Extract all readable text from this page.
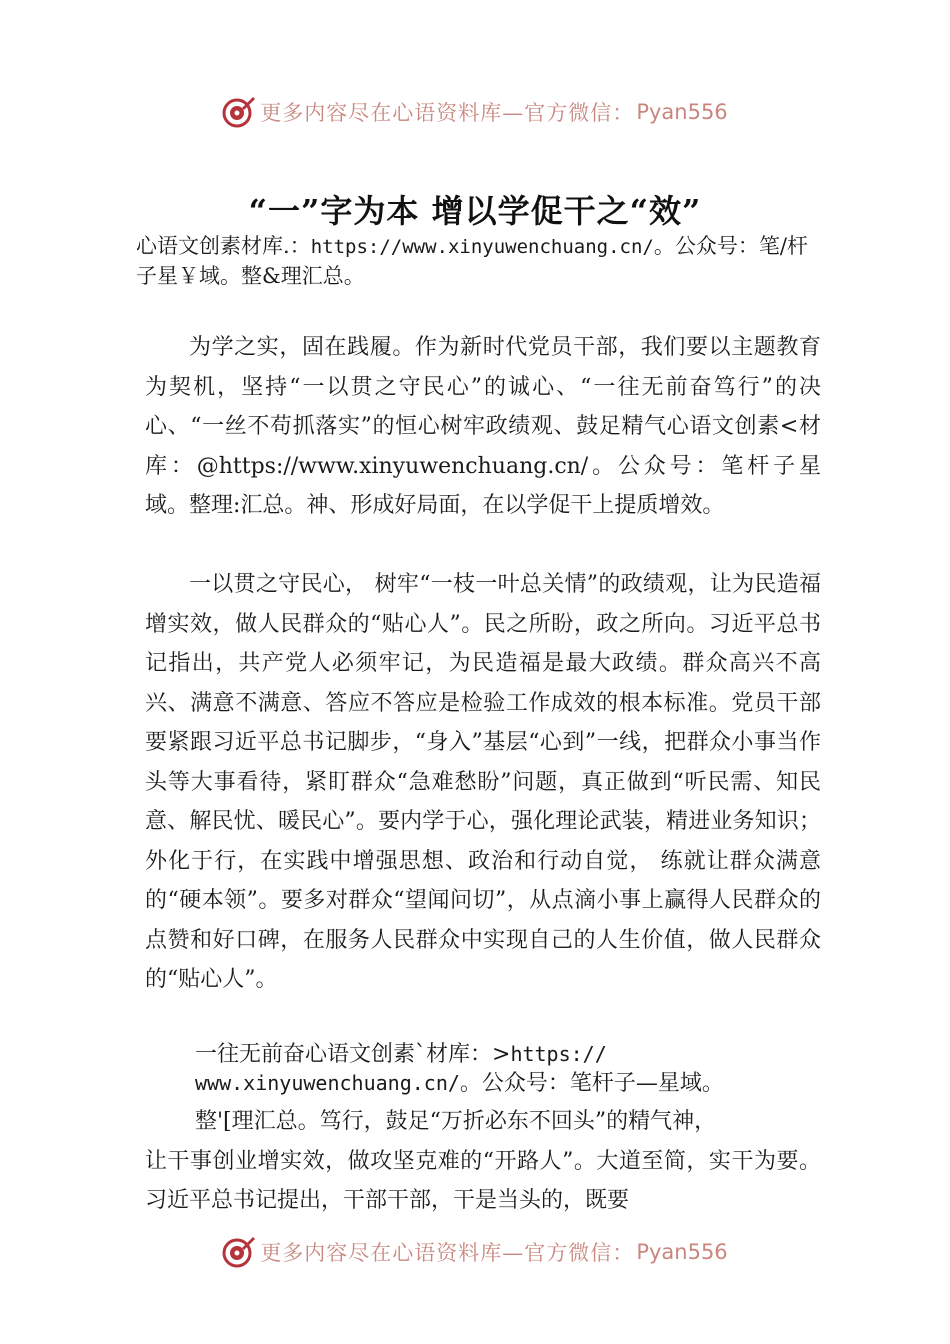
更多内容尽在心语资料库—官方微信： Pyan556
“一”字为本 增以学促干之“效”
心语文创素材库.：https://www.xinyuwenchuang.cn/。公众号：笔/杆子星￥域。整&理汇总。
为学之实，固在践履。作为新时代党员干部，我们要以主题教育为契机，坚持“一以贯之守民心”的诚心、“一往无前奋笃行”的决心、“一丝不苟抓落实”的恒心树牢政绩观、鼓足精气心语文创素<材库：@https://www.xinyuwenchuang.cn/。公众号：笔杆子星域。整理:汇总。神、形成好局面，在以学促干上提质增效。
一以贯之守民心， 树牢“一枝一叶总关情”的政绩观，让为民造福增实效，做人民群众的“贴心人”。民之所盼，政之所向。习近平总书记指出，共产党人必须牢记，为民造福是最大政绩。群众高兴不高兴、满意不满意、答应不答应是检验工作成效的根本标准。党员干部要紧跟习近平总书记脚步，“身入”基层“心到”一线，把群众小事当作头等大事看待，紧盯群众“急难愁盼”问题，真正做到“听民需、知民意、解民忧、暖民心”。要内学于心，强化理论武装，精进业务知识；外化于行，在实践中增强思想、政治和行动自觉， 练就让群众满意的“硬本领”。要多对群众“望闻问切”，从点滴小事上赢得人民群众的点赞和好口碑，在服务人民群众中实现自己的人生价值，做人民群众的“贴心人”。
一往无前奋心语文创素`材库：>https://
www.xinyuwenchuang.cn/。公众号：笔杆子—星域。
整'[理汇总。笃行，鼓足“万折必东不回头”的精气神，
让干事创业增实效，做攻坚克难的“开路人”。大道至简，实干为要。习近平总书记提出，干部干部，干是当头的，既要
更多内容尽在心语资料库—官方微信： Pyan556
